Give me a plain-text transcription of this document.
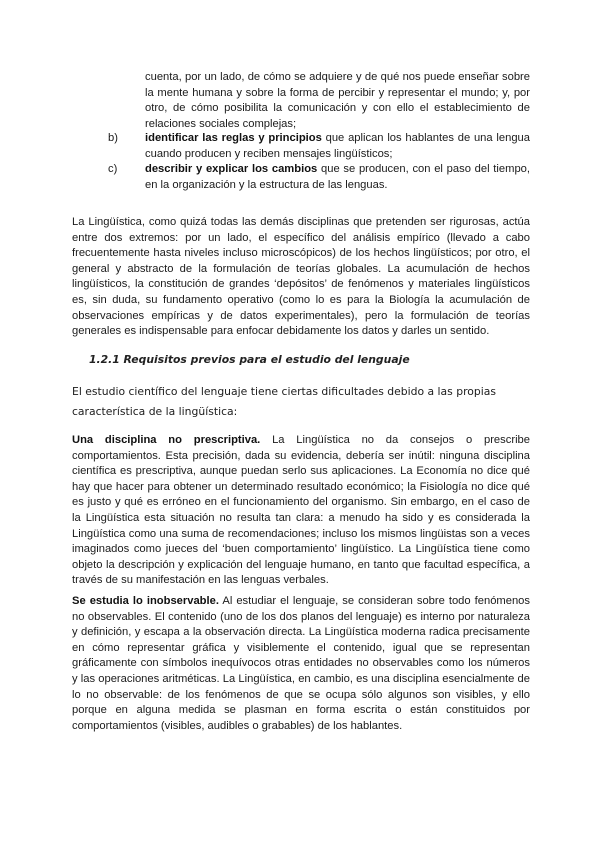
cuenta, por un lado, de cómo se adquiere y de qué nos puede enseñar sobre la mente humana y sobre la forma de percibir y representar el mundo; y, por otro, de cómo posibilita la comunicación y con ello el establecimiento de relaciones sociales complejas;

b) identificar las reglas y principios que aplican los hablantes de una lengua cuando producen y reciben mensajes lingüísticos;
c) describir y explicar los cambios que se producen, con el paso del tiempo, en la organización y la estructura de las lenguas.

La Lingüística, como quizá todas las demás disciplinas que pretenden ser rigurosas, actúa entre dos extremos: por un lado, el específico del análisis empírico (llevado a cabo frecuentemente hasta niveles incluso microscópicos) de los hechos lingüísticos; por otro, el general y abstracto de la formulación de teorías globales. La acumulación de hechos lingüísticos, la constitución de grandes ‘depósitos’ de fenómenos y materiales lingüísticos es, sin duda, su fundamento operativo (como lo es para la Biología la acumulación de observaciones empíricas y de datos experimentales), pero la formulación de teorías generales es indispensable para enfocar debidamente los datos y darles un sentido.

1.2.1 Requisitos previos para el estudio del lenguaje

El estudio científico del lenguaje tiene ciertas dificultades debido a las propias característica de la lingüística:

Una disciplina no prescriptiva. La Lingüística no da consejos o prescribe comportamientos. Esta precisión, dada su evidencia, debería ser inútil: ninguna disciplina científica es prescriptiva, aunque puedan serlo sus aplicaciones. La Economía no dice qué hay que hacer para obtener un determinado resultado económico; la Fisiología no dice qué es justo y qué es erróneo en el funcionamiento del organismo. Sin embargo, en el caso de la Lingüística esta situación no resulta tan clara: a menudo ha sido y es considerada la Lingüística como una suma de recomendaciones; incluso los mismos lingüistas son a veces imaginados como jueces del ‘buen comportamiento’ lingüístico. La Lingüística tiene como objeto la descripción y explicación del lenguaje humano, en tanto que facultad específica, a través de su manifestación en las lenguas verbales.

Se estudia lo inobservable. Al estudiar el lenguaje, se consideran sobre todo fenómenos no observables. El contenido (uno de los dos planos del lenguaje) es interno por naturaleza y definición, y escapa a la observación directa. La Lingüística moderna radica precisamente en cómo representar gráfica y visiblemente el contenido, igual que se representan gráficamente con símbolos inequívocos otras entidades no observables como los números y las operaciones aritméticas. La Lingüística, en cambio, es una disciplina esencialmente de lo no observable: de los fenómenos de que se ocupa sólo algunos son visibles, y ello porque en alguna medida se plasman en forma escrita o están constituidos por comportamientos (visibles, audibles o grabables) de los hablantes.
